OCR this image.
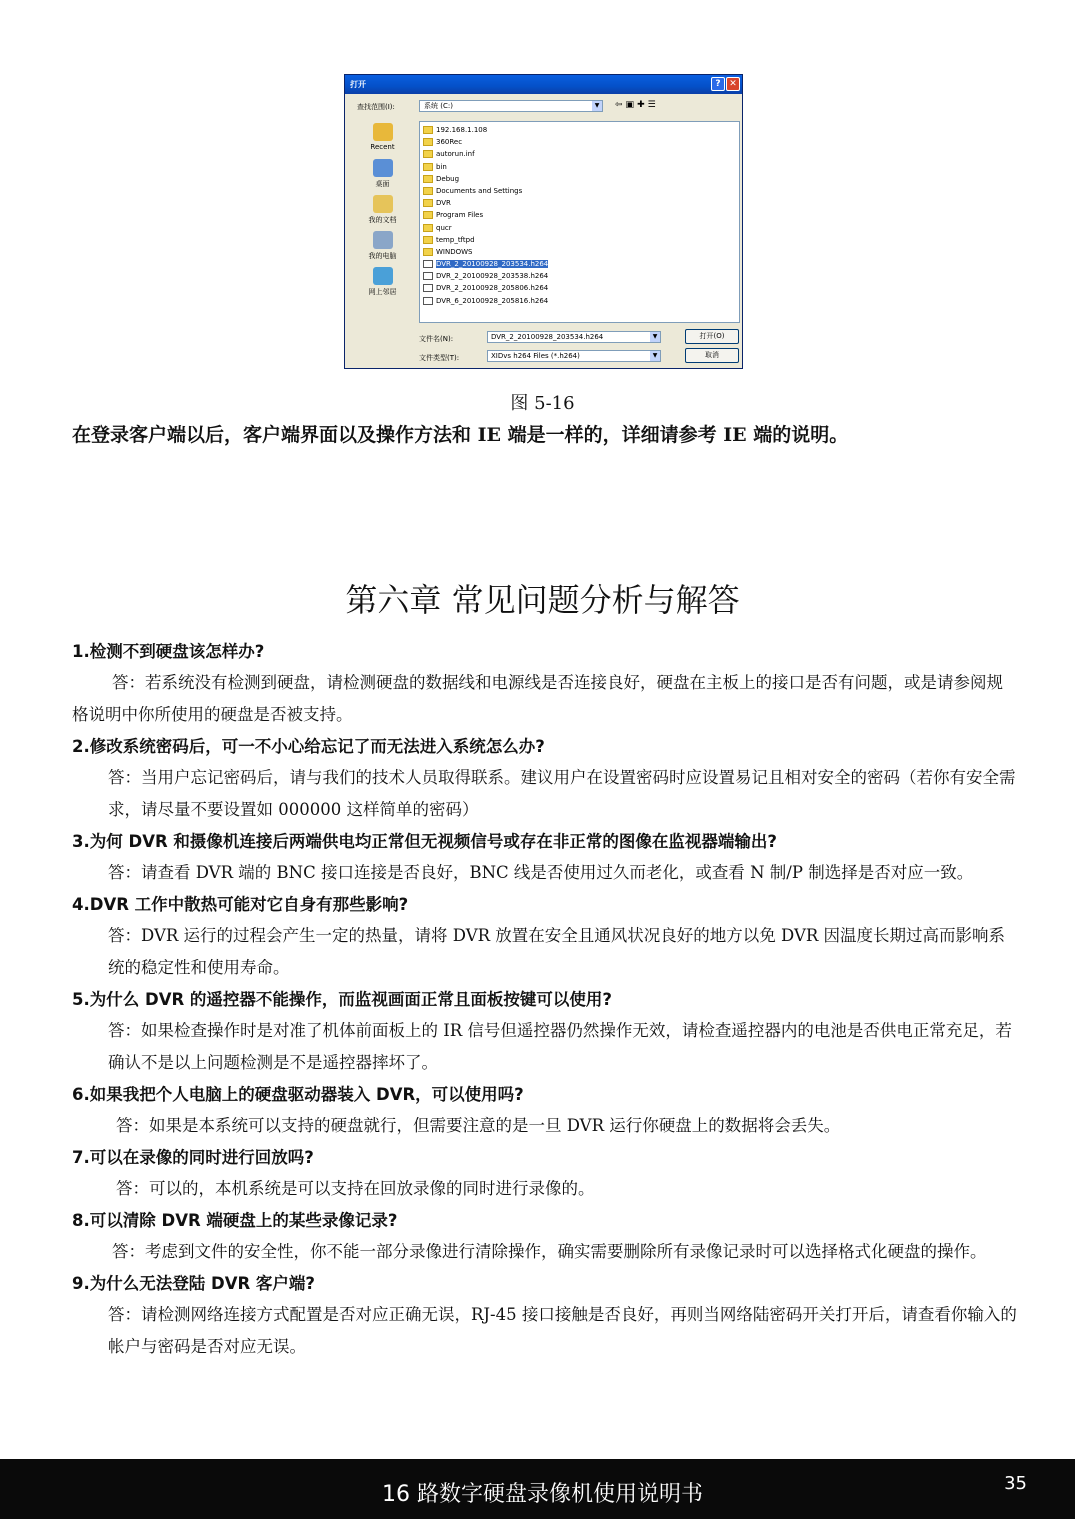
打开	? ✕
查找范围(I):	系统 (C:)	▼ ⇦▣✚☰
Recent
桌面
我的文档
我的电脑
网上邻居
192.168.1.108
360Rec
autorun.inf
bin
Debug
Documents and Settings
DVR
Program Files
qucr
temp_tftpd
WINDOWS
DVR_2_20100928_203534.h264
DVR_2_20100928_203538.h264
DVR_2_20100928_205806.h264
DVR_6_20100928_205816.h264
文件名(N):	DVR_2_20100928_203534.h264	▼
文件类型(T):	XIDvs h264 Files (*.h264)	▼
打开(O)
取消
图 5-16
在登录客户端以后，客户端界面以及操作方法和 IE 端是一样的，详细请参考 IE 端的说明。
第六章 常见问题分析与解答
1.检测不到硬盘该怎样办?
答：若系统没有检测到硬盘，请检测硬盘的数据线和电源线是否连接良好，硬盘在主板上的接口是否有问题，或是请参阅规格说明中你所使用的硬盘是否被支持。
2.修改系统密码后，可一不小心给忘记了而无法进入系统怎么办?
答：当用户忘记密码后，请与我们的技术人员取得联系。建议用户在设置密码时应设置易记且相对安全的密码（若你有安全需求，请尽量不要设置如 000000 这样简单的密码）
3.为何 DVR 和摄像机连接后两端供电均正常但无视频信号或存在非正常的图像在监视器端输出?
答：请查看 DVR 端的 BNC 接口连接是否良好，BNC 线是否使用过久而老化，或查看 N 制/P 制选择是否对应一致。
4.DVR 工作中散热可能对它自身有那些影响?
答：DVR 运行的过程会产生一定的热量，请将 DVR 放置在安全且通风状况良好的地方以免 DVR 因温度长期过高而影响系统的稳定性和使用寿命。
5.为什么 DVR 的遥控器不能操作，而监视画面正常且面板按键可以使用?
答：如果检查操作时是对准了机体前面板上的 IR 信号但遥控器仍然操作无效，请检查遥控器内的电池是否供电正常充足，若确认不是以上问题检测是不是遥控器摔坏了。
6.如果我把个人电脑上的硬盘驱动器装入 DVR，可以使用吗?
答：如果是本系统可以支持的硬盘就行，但需要注意的是一旦 DVR 运行你硬盘上的数据将会丢失。
7.可以在录像的同时进行回放吗?
答：可以的，本机系统是可以支持在回放录像的同时进行录像的。
8.可以清除 DVR 端硬盘上的某些录像记录?
答：考虑到文件的安全性，你不能一部分录像进行清除操作，确实需要删除所有录像记录时可以选择格式化硬盘的操作。
9.为什么无法登陆 DVR 客户端?
答：请检测网络连接方式配置是否对应正确无误，RJ-45 接口接触是否良好，再则当网络陆密码开关打开后，请查看你输入的帐户与密码是否对应无误。
16 路数字硬盘录像机使用说明书	35
